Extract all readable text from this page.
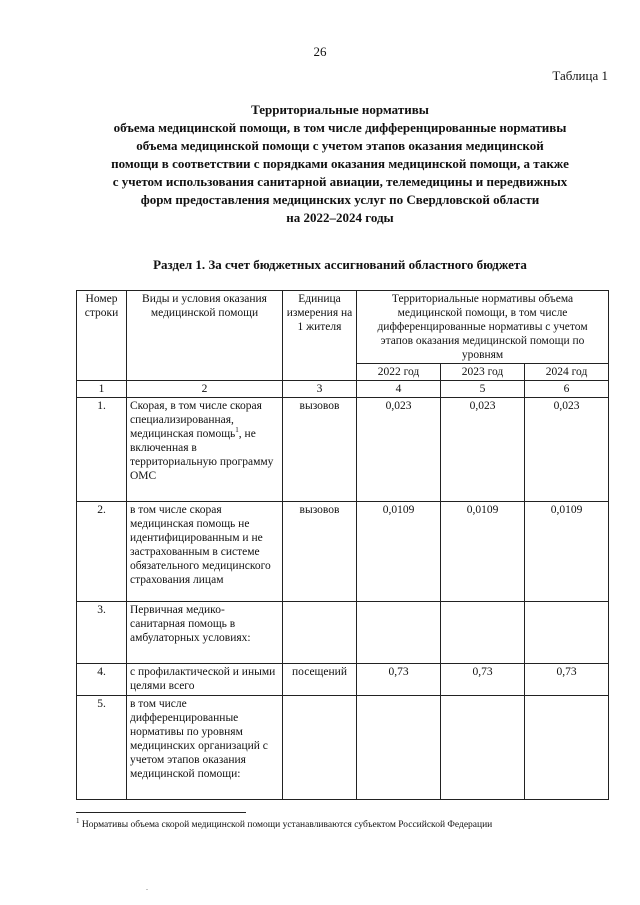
26
Таблица 1
Территориальные нормативы
объема медицинской помощи, в том числе дифференцированные нормативы
объема медицинской помощи с учетом этапов оказания медицинской
помощи в соответствии с порядками оказания медицинской помощи, а также
с учетом использования санитарной авиации, телемедицины и передвижных
форм предоставления медицинских услуг по Свердловской области
на 2022–2024 годы
Раздел 1. За счет бюджетных ассигнований областного бюджета
Номер строки	Виды и условия оказания медицинской помощи	Единица измерения на 1 жителя	Территориальные нормативы объема медицинской помощи, в том числе дифференцированные нормативы с учетом этапов оказания медицинской помощи по уровням		
			2022 год	2023 год	2024 год
1	2	3	4	5	6
1.	Скорая, в том числе скорая специализированная, медицинская помощь$^1$, не включенная в территориальную программу ОМС	вызовов	0,023	0,023	0,023
2.	в том числе скорая медицинская помощь не идентифицированным и не застрахованным в системе обязательного медицинского страхования лицам	вызовов	0,0109	0,0109	0,0109
3.	Первичная медико-санитарная помощь в амбулаторных условиях:				
4.	с профилактической и иными целями всего	посещений	0,73	0,73	0,73
5.	в том числе дифференцированные нормативы по уровням медицинских организаций с учетом этапов оказания медицинской помощи:				
$^1$ Нормативы объема скорой медицинской помощи устанавливаются субъектом Российской Федерации
.
